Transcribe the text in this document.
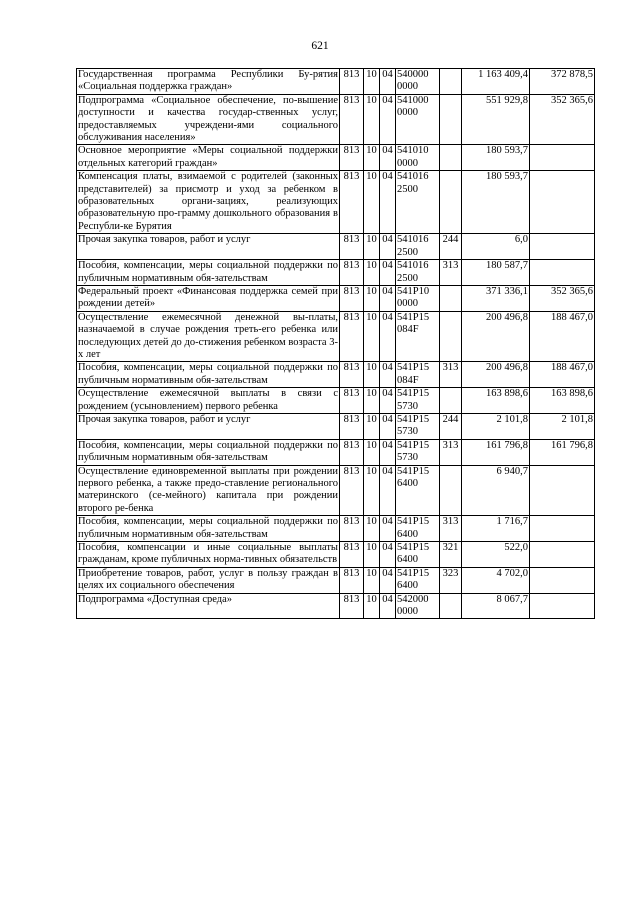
621
Государственная программа Республики Бу-рятия «Социальная поддержка граждан»	813	10	04	540000
0000		1 163 409,4	372 878,5
Подпрограмма «Социальное обеспечение, по-вышение доступности и качества государ-ственных услуг, предоставляемых учреждени-ями социального обслуживания населения»	813	10	04	541000
0000		551 929,8	352 365,6
Основное мероприятие «Меры социальной поддержки отдельных категорий граждан»	813	10	04	541010
0000		180 593,7	
Компенсация платы, взимаемой с родителей (законных представителей) за присмотр и уход за ребенком в образовательных органи-зациях, реализующих образовательную про-грамму дошкольного образования в Республи-ке Бурятия	813	10	04	541016
2500		180 593,7	
Прочая закупка товаров, работ и услуг	813	10	04	541016
2500	244	6,0	
Пособия, компенсации, меры социальной поддержки по публичным нормативным обя-зательствам	813	10	04	541016
2500	313	180 587,7	
Федеральный проект «Финансовая поддержка семей при рождении детей»	813	10	04	541P10
0000		371 336,1	352 365,6
Осуществление ежемесячной денежной вы-платы, назначаемой в случае рождения треть-его ребенка или последующих детей до до-стижения ребенком возраста 3-х лет	813	10	04	541P15
084F		200 496,8	188 467,0
Пособия, компенсации, меры социальной поддержки по публичным нормативным обя-зательствам	813	10	04	541P15
084F	313	200 496,8	188 467,0
Осуществление ежемесячной выплаты в связи с рождением (усыновлением) первого ребенка	813	10	04	541P15
5730		163 898,6	163 898,6
Прочая закупка товаров, работ и услуг	813	10	04	541P15
5730	244	2 101,8	2 101,8
Пособия, компенсации, меры социальной поддержки по публичным нормативным обя-зательствам	813	10	04	541P15
5730	313	161 796,8	161 796,8
Осуществление единовременной выплаты при рождении первого ребенка, а также предо-ставление регионального материнского (се-мейного) капитала при рождении второго ре-бенка	813	10	04	541P15
6400		6 940,7	
Пособия, компенсации, меры социальной поддержки по публичным нормативным обя-зательствам	813	10	04	541P15
6400	313	1 716,7	
Пособия, компенсации и иные социальные выплаты гражданам, кроме публичных норма-тивных обязательств	813	10	04	541P15
6400	321	522,0	
Приобретение товаров, работ, услуг в пользу граждан в целях их социального обеспечения	813	10	04	541P15
6400	323	4 702,0	
Подпрограмма «Доступная среда»	813	10	04	542000
0000		8 067,7	
